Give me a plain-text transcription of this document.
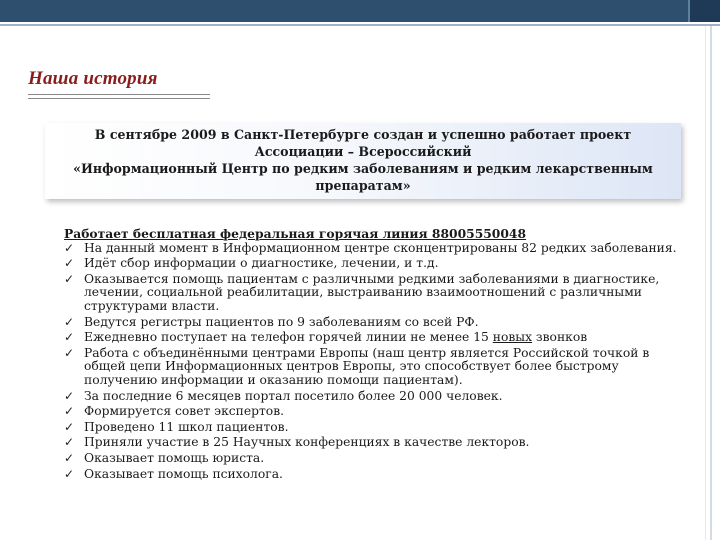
Наша история
В сентябре 2009 в Санкт-Петербурге создан и успешно работает проект
Ассоциации – Всероссийский
«Информационный Центр по редким заболеваниям и редким лекарственным
препаратам»
Работает бесплатная федеральная горячая линия 88005550048
✓ На данный момент в Информационном центре сконцентрированы 82 редких заболевания.
✓ Идёт сбор информации о диагностике, лечении, и т.д.
✓ Оказывается помощь пациентам с различными редкими заболеваниями в диагностике,
лечении, социальной реабилитации, выстраиванию взаимоотношений с различными
структурами власти.
✓ Ведутся регистры пациентов по 9 заболеваниям со всей РФ.
✓ Ежедневно поступает на телефон горячей линии не менее 15 новых звонков
✓ Работа с объединёнными центрами Европы (наш центр является Российской точкой в
общей цепи Информационных центров Европы, это способствует более быстрому
получению информации и оказанию помощи пациентам).
✓ За последние 6 месяцев портал посетило более 20 000 человек.
✓ Формируется совет экспертов.
✓ Проведено 11 школ пациентов.
✓ Приняли участие в 25 Научных конференциях в качестве лекторов.
✓ Оказывает помощь юриста.
✓ Оказывает помощь психолога.
